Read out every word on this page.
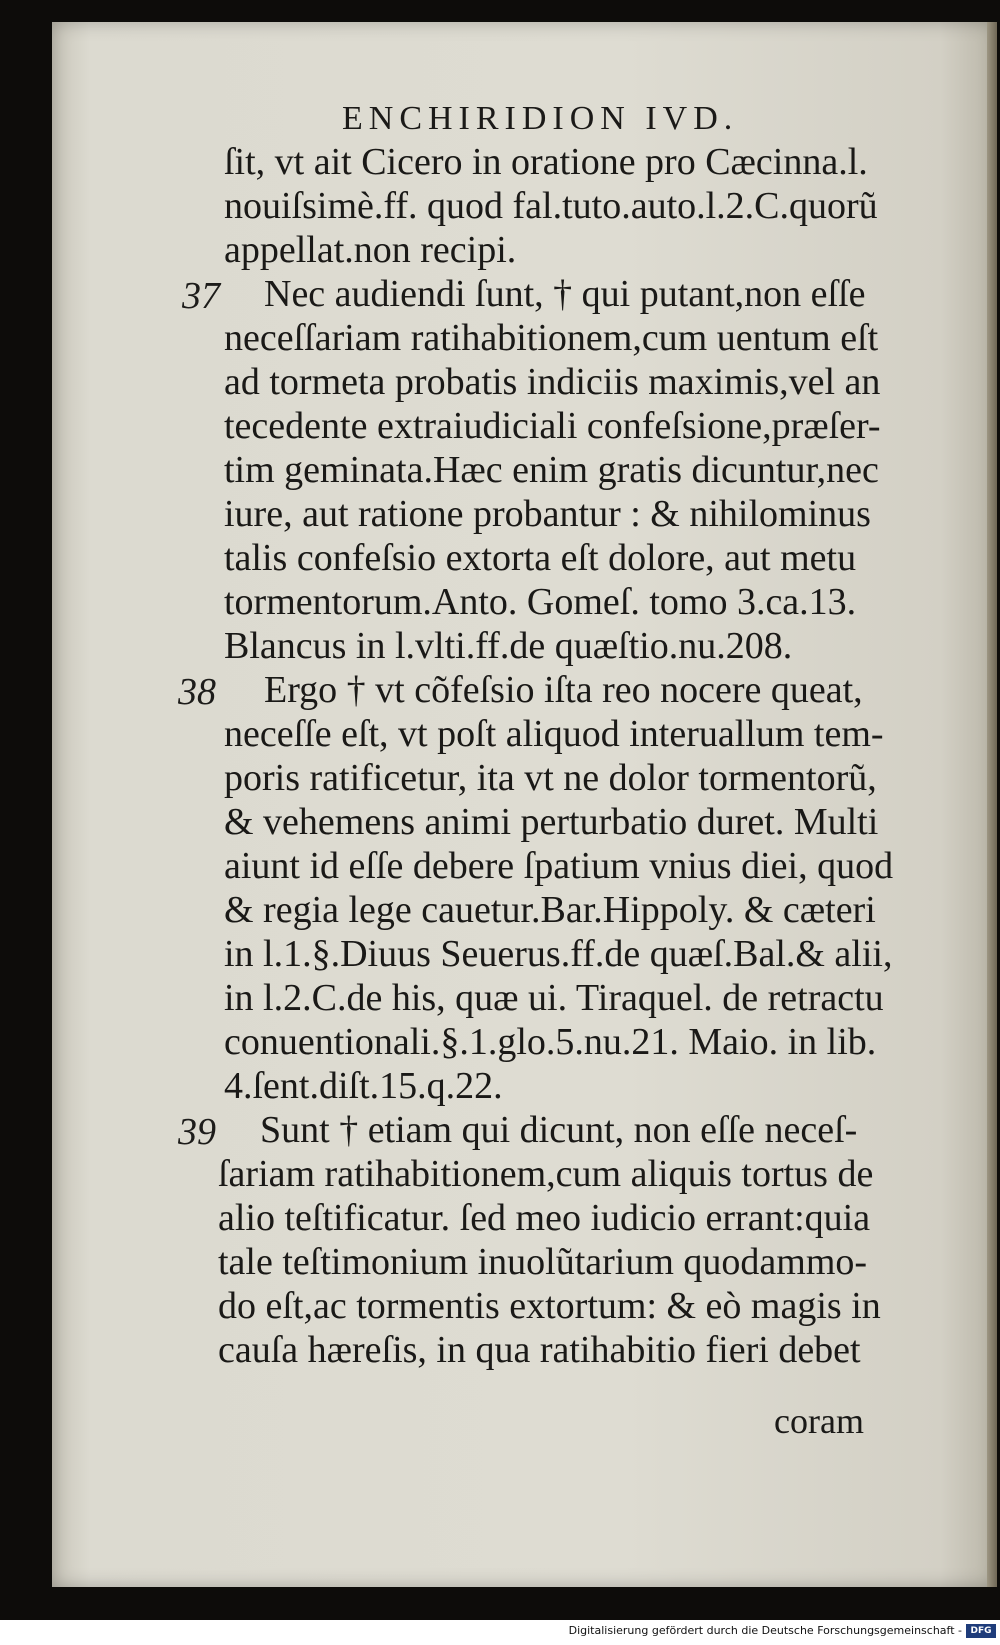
ENCHIRIDION IVD.
ſit, vt ait Cicero in oratione pro Cæcinna.l.
nouiſsimè.ff. quod fal.tuto.auto.l.2.C.quorũ
appellat.non recipi.
37 Nec audiendi ſunt, † qui putant,non eſſe
neceſſariam ratihabitionem,cum uentum eſt
ad tormeta probatis indiciis maximis,vel an
tecedente extraiudiciali confeſsione,præſer-
tim geminata.Hæc enim gratis dicuntur,nec
iure, aut ratione probantur : & nihilominus
talis confeſsio extorta eſt dolore, aut metu
tormentorum.Anto. Gomeſ. tomo 3.ca.13.
Blancus in l.vlti.ff.de quæſtio.nu.208.
38 Ergo † vt cõfeſsio iſta reo nocere queat,
neceſſe eſt, vt poſt aliquod interuallum tem-
poris ratificetur, ita vt ne dolor tormentorũ,
& vehemens animi perturbatio duret. Multi
aiunt id eſſe debere ſpatium vnius diei, quod
& regia lege cauetur.Bar.Hippoly. & cæteri
in l.1.§.Diuus Seuerus.ff.de quæſ.Bal.& alii,
in l.2.C.de his, quæ ui. Tiraquel. de retractu
conuentionali.§.1.glo.5.nu.21. Maio. in lib.
4.ſent.diſt.15.q.22.
39 Sunt † etiam qui dicunt, non eſſe neceſ-
ſariam ratihabitionem,cum aliquis tortus de
alio teſtificatur. ſed meo iudicio errant:quia
tale teſtimonium inuolũtarium quodammo-
do eſt,ac tormentis extortum: & eò magis in
cauſa hæreſis, in qua ratihabitio fieri debet
coram
Digitalisierung gefördert durch die Deutsche Forschungsgemeinschaft - DFG
